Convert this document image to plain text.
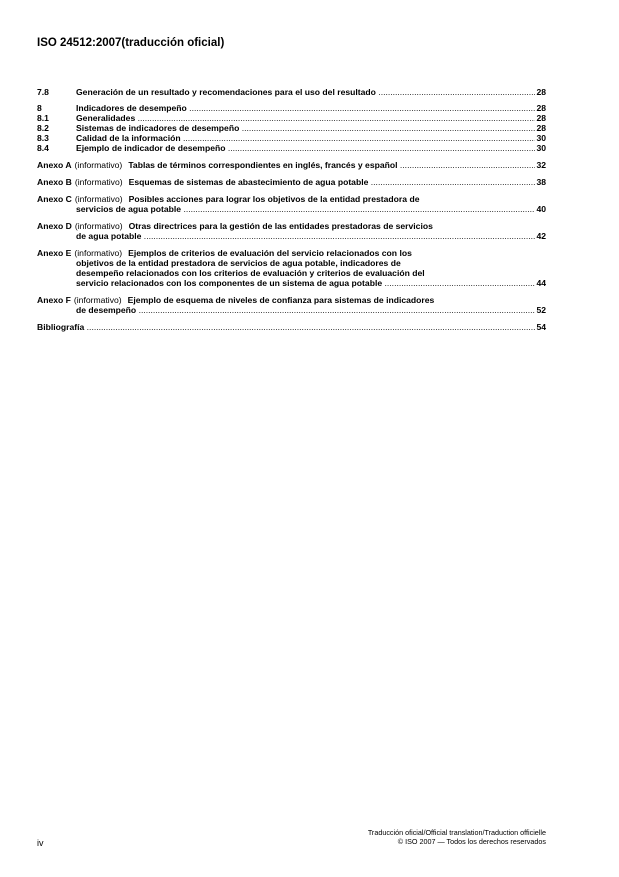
ISO 24512:2007(traducción oficial)
7.8	Generación de un resultado y recomendaciones para el uso del resultado .....	28
8	Indicadores de desempeño .....	28
8.1	Generalidades .....	28
8.2	Sistemas de indicadores de desempeño .....	28
8.3	Calidad de la información .....	30
8.4	Ejemplo de indicador de desempeño .....	30
Anexo A (informativo) Tablas de términos correspondientes en inglés, francés y español .....	32
Anexo B (informativo) Esquemas de sistemas de abastecimiento de agua potable .....	38
Anexo C (informativo) Posibles acciones para lograr los objetivos de la entidad prestadora de
servicios de agua potable .....	40
Anexo D (informativo) Otras directrices para la gestión de las entidades prestadoras de servicios
de agua potable .....	42
Anexo E (informativo) Ejemplos de criterios de evaluación del servicio relacionados con los
objetivos de la entidad prestadora de servicios de agua potable, indicadores de
desempeño relacionados con los criterios de evaluación y criterios de evaluación del
servicio relacionados con los componentes de un sistema de agua potable .....	44
Anexo F (informativo) Ejemplo de esquema de niveles de confianza para sistemas de indicadores
de desempeño .....	52
Bibliografía .....	54
Traducción oficial/Official translation/Traduction officielle
© ISO 2007 — Todos los derechos reservados
iv
